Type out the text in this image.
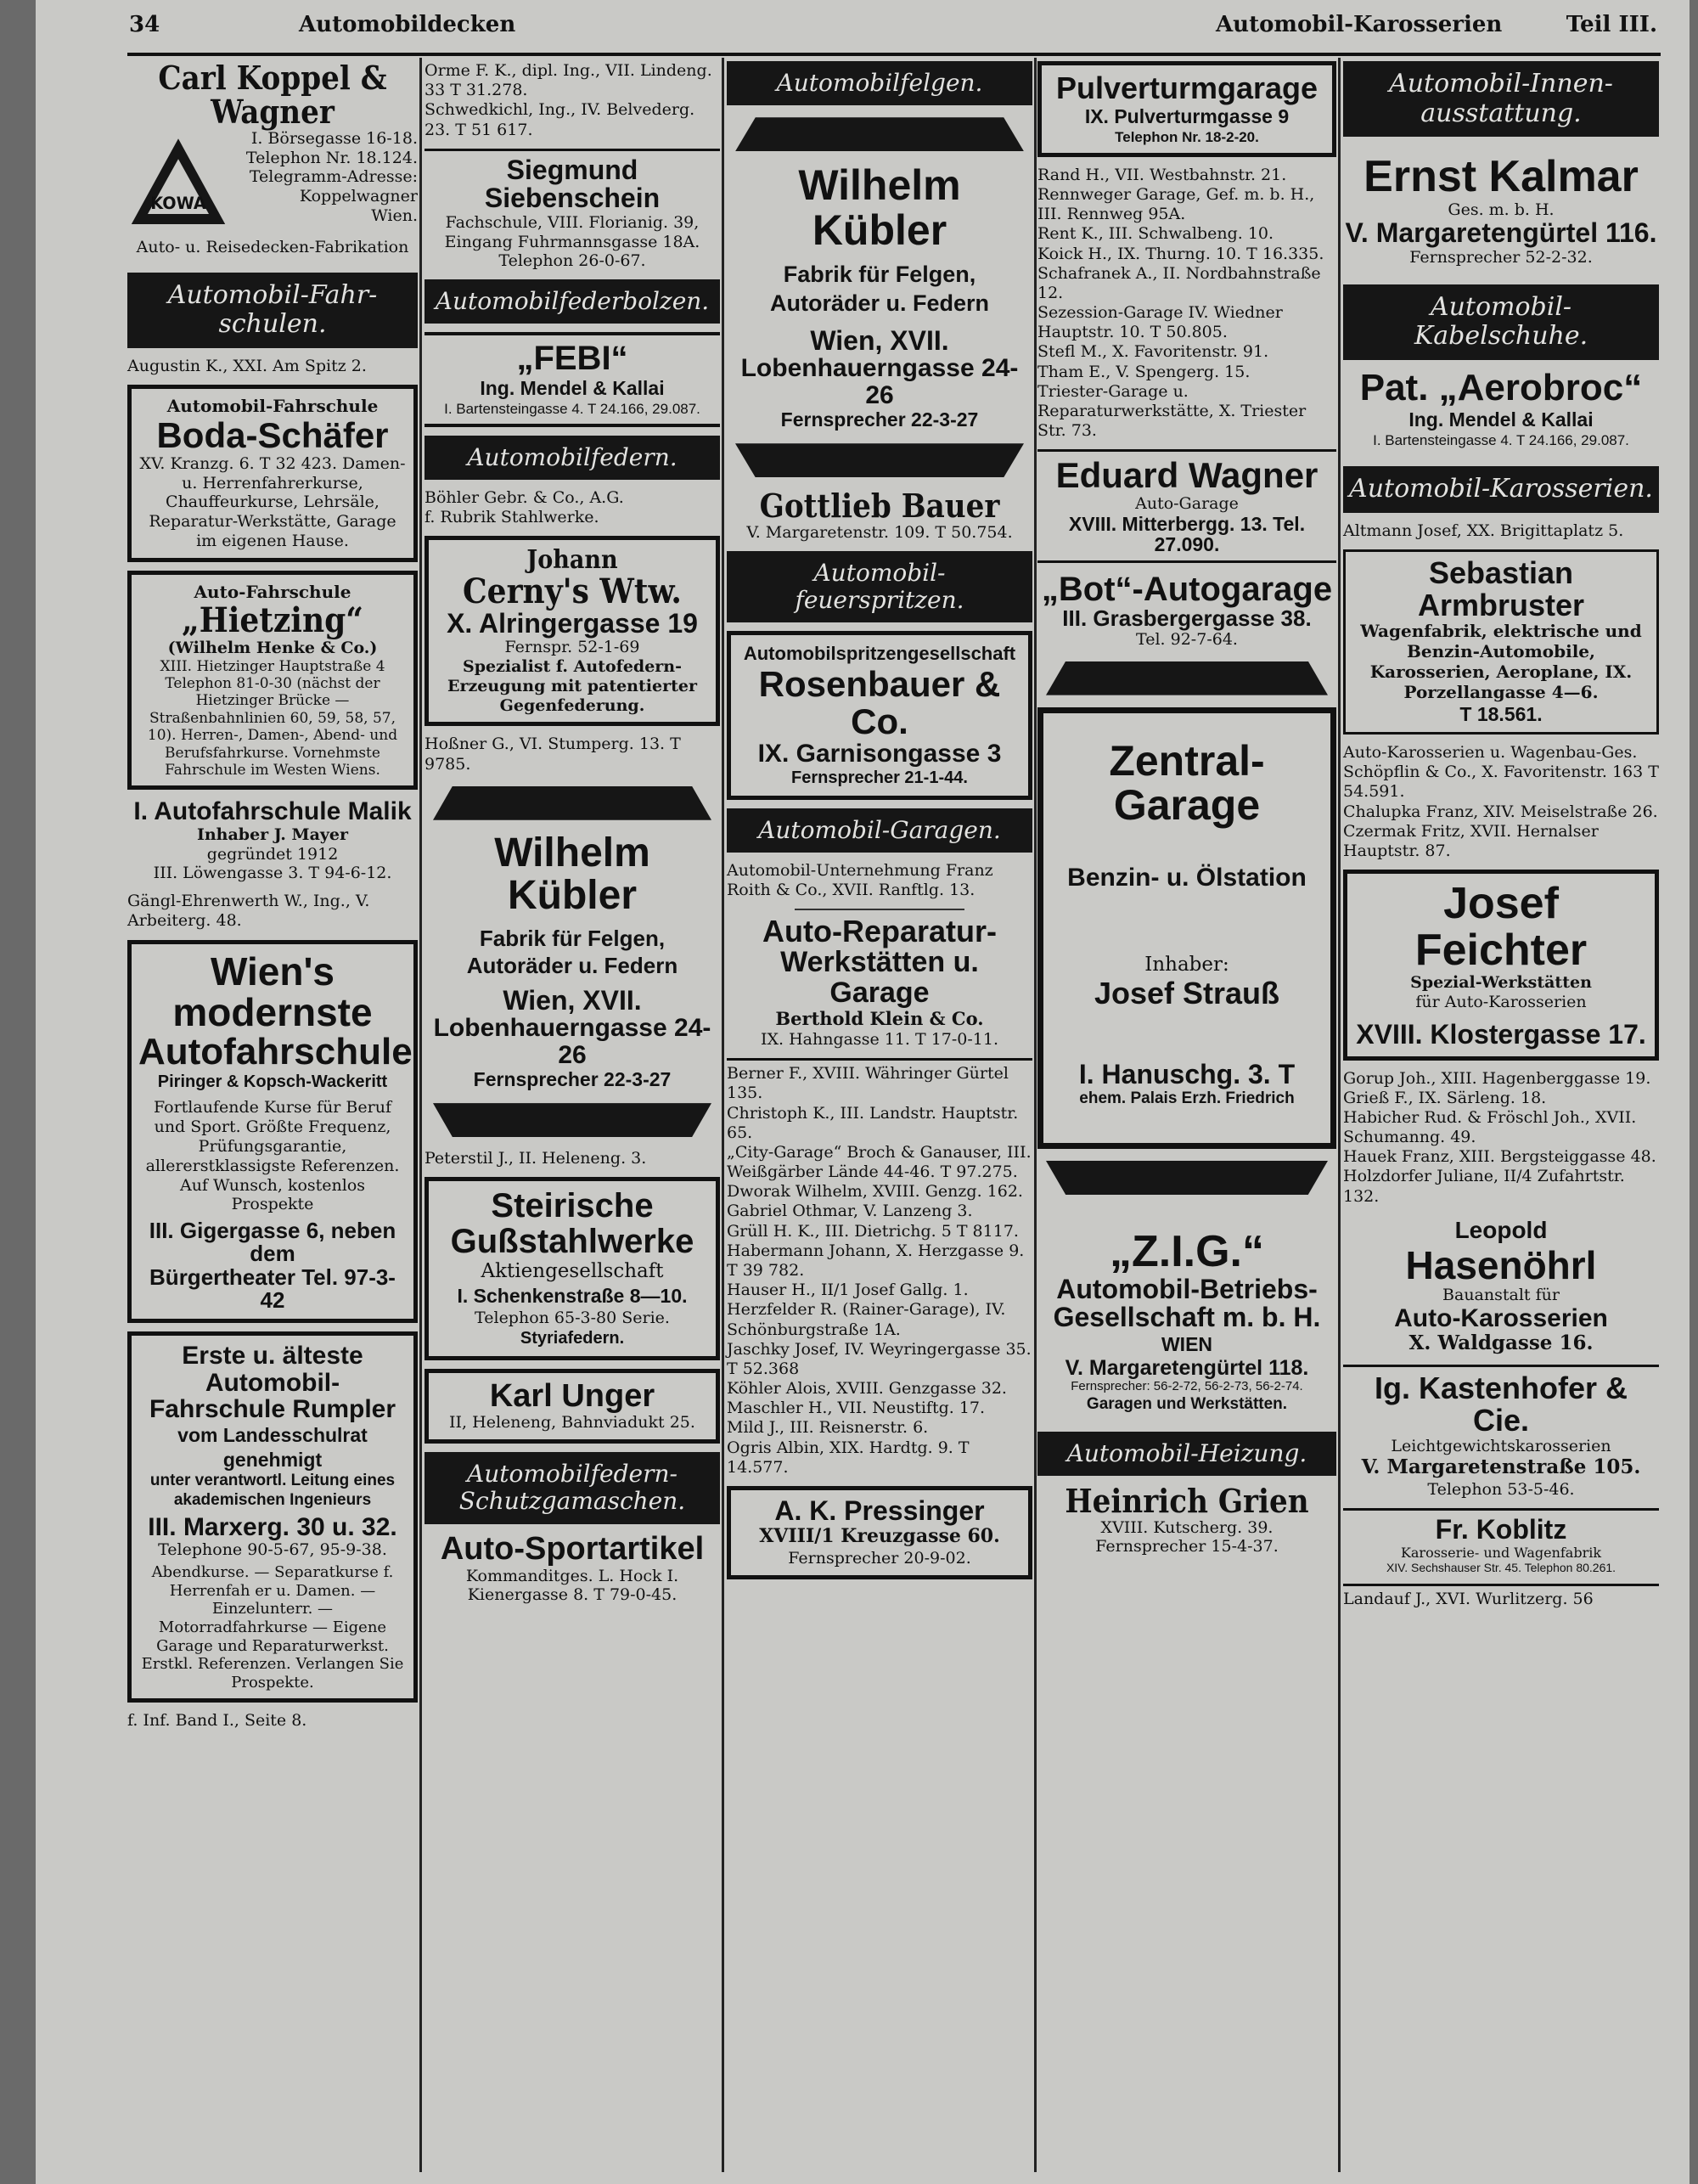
34	Automobildecken	Automobil-Karosserien	Teil III.
Carl Koppel & Wagner
KOWA
I. Börsegasse 16-18.
Telephon Nr. 18.124.
Telegramm-Adresse:
Koppelwagner
Wien.
Auto- u. Reisedecken-Fabrikation
Automobil-Fahr-schulen.

Augustin K., XXI. Am Spitz 2.

Automobil-Fahrschule
Boda-Schäfer
XV. Kranzg. 6. T 32 423. Damen- u. Herrenfahrerkurse, Chauffeurkurse, Lehrsäle, Reparatur-Werkstätte, Garage im eigenen Hause.
Auto-Fahrschule
„Hietzing“
(Wilhelm Henke & Co.)
XIII. Hietzinger Hauptstraße 4 Telephon 81-0-30 (nächst der Hietzinger Brücke — Straßenbahnlinien 60, 59, 58, 57, 10). Herren-, Damen-, Abend- und Berufsfahrkurse. Vornehmste Fahrschule im Westen Wiens.
I. Autofahrschule Malik
Inhaber J. Mayer
gegründet 1912
III. Löwengasse 3. T 94-6-12.

Gängl-Ehrenwerth W., Ing., V. Arbeiterg. 48.

Wien's
modernste
Autofahrschule
Piringer & Kopsch-Wackeritt
Fortlaufende Kurse für Beruf und Sport. Größte Frequenz, Prüfungsgarantie, allererstklassigste Referenzen. Auf Wunsch, kostenlos Prospekte
III. Gigergasse 6, neben dem
Bürgertheater Tel. 97-3-42
Erste u. älteste Automobil-
Fahrschule Rumpler
vom Landesschulrat
genehmigt
unter verantwortl. Leitung eines akademischen Ingenieurs
III. Marxerg. 30 u. 32.
Telephone 90-5-67, 95-9-38.
Abendkurse. — Separatkurse f. Herrenfah er u. Damen. — Einzelunterr. — Motorradfahrkurse — Eigene Garage und Reparaturwerkst. Erstkl. Referenzen. Verlangen Sie Prospekte.

f. Inf. Band I., Seite 8.

Orme F. K., dipl. Ing., VII. Lindeng. 33 T 31.278.

Schwedkichl, Ing., IV. Belvederg. 23. T 51 617.

Siegmund Siebenschein
Fachschule, VIII. Florianig. 39, Eingang Fuhrmannsgasse 18A. Telephon 26-0-67.
Automobilfederbolzen.
„FEBI“
Ing. Mendel & Kallai
I. Bartensteingasse 4. T 24.166, 29.087.
Automobilfedern.

Böhler Gebr. & Co., A.G.

f. Rubrik Stahlwerke.

Johann
Cerny's Wtw.
X. Alringergasse 19
Fernspr. 52-1-69
Spezialist f. Autofedern-Erzeugung mit patentierter Gegenfederung.

Hoßner G., VI. Stumperg. 13. T 9785.

Wilhelm Kübler
Fabrik für Felgen, Autoräder u. Federn
Wien, XVII.
Lobenhauerngasse 24-26
Fernsprecher 22-3-27

Peterstil J., II. Heleneng. 3.

Steirische
Gußstahlwerke
Aktiengesellschaft
I. Schenkenstraße 8—10.
Telephon 65-3-80 Serie.
Styriafedern.
Karl Unger
II, Heleneng, Bahnviadukt 25.
Automobilfedern-Schutzgamaschen.
Auto-Sportartikel
Kommanditges. L. Hock I. Kienergasse 8. T 79-0-45.
Automobilfelgen.
Wilhelm Kübler
Fabrik für Felgen, Autoräder u. Federn
Wien, XVII.
Lobenhauerngasse 24-26
Fernsprecher 22-3-27
Gottlieb Bauer
V. Margaretenstr. 109. T 50.754.
Automobil-feuerspritzen.
Automobilspritzengesellschaft
Rosenbauer & Co.
IX. Garnisongasse 3
Fernsprecher 21-1-44.
Automobil-Garagen.

Automobil-Unternehmung Franz Roith & Co., XVII. Ranftlg. 13.

Auto-Reparatur-
Werkstätten u. Garage
Berthold Klein & Co.
IX. Hahngasse 11. T 17-0-11.

Berner F., XVIII. Währinger Gürtel 135.

Christoph K., III. Landstr. Hauptstr. 65.

„City-Garage“ Broch & Ganauser, III. Weißgärber Lände 44-46. T 97.275.

Dworak Wilhelm, XVIII. Genzg. 162.

Gabriel Othmar, V. Lanzeng 3.

Grüll H. K., III. Dietrichg. 5 T 8117.

Habermann Johann, X. Herzgasse 9. T 39 782.

Hauser H., II/1 Josef Gallg. 1.

Herzfelder R. (Rainer-Garage), IV. Schönburgstraße 1A.

Jaschky Josef, IV. Weyringergasse 35. T 52.368

Köhler Alois, XVIII. Genzgasse 32.

Maschler H., VII. Neustiftg. 17.

Mild J., III. Reisnerstr. 6.

Ogris Albin, XIX. Hardtg. 9. T 14.577.

A. K. Pressinger
XVIII/1 Kreuzgasse 60.
Fernsprecher 20-9-02.
Pulverturmgarage
IX. Pulverturmgasse 9
Telephon Nr. 18-2-20.

Rand H., VII. Westbahnstr. 21.

Rennweger Garage, Gef. m. b. H., III. Rennweg 95A.

Rent K., III. Schwalbeng. 10.

Koick H., IX. Thurng. 10. T 16.335.

Schafranek A., II. Nordbahnstraße 12.

Sezession-Garage IV. Wiedner Hauptstr. 10. T 50.805.

Stefl M., X. Favoritenstr. 91.

Tham E., V. Spengerg. 15.

Triester-Garage u. Reparaturwerkstätte, X. Triester Str. 73.

Eduard Wagner
Auto-Garage
XVIII. Mitterbergg. 13. Tel. 27.090.
„Bot“-Autogarage
III. Grasbergergasse 38.
Tel. 92-7-64.
Zentral-Garage
Benzin- u. Ölstation
Inhaber:
Josef Strauß
I. Hanuschg. 3. T
ehem. Palais Erzh. Friedrich
„Z.I.G.“
Automobil-Betriebs-
Gesellschaft m. b. H.
WIEN
V. Margaretengürtel 118.
Fernsprecher: 56-2-72, 56-2-73, 56-2-74.
Garagen und Werkstätten.
Automobil-Heizung.
Heinrich Grien
XVIII. Kutscherg. 39.
Fernsprecher 15-4-37.
Automobil-Innen-ausstattung.
Ernst Kalmar
Ges. m. b. H.
V. Margaretengürtel 116.
Fernsprecher 52-2-32.
Automobil-Kabelschuhe.
Pat. „Aerobroc“
Ing. Mendel & Kallai
I. Bartensteingasse 4. T 24.166, 29.087.
Automobil-Karosserien.

Altmann Josef, XX. Brigittaplatz 5.

Sebastian Armbruster
Wagenfabrik, elektrische und Benzin-Automobile, Karosserien, Aeroplane, IX. Porzellangasse 4—6.
T 18.561.

Auto-Karosserien u. Wagenbau-Ges. Schöpflin & Co., X. Favoritenstr. 163 T 54.591.

Chalupka Franz, XIV. Meiselstraße 26.

Czermak Fritz, XVII. Hernalser Hauptstr. 87.

Josef Feichter
Spezial-Werkstätten
für Auto-Karosserien
XVIII. Klostergasse 17.

Gorup Joh., XIII. Hagenberggasse 19.

Grieß F., IX. Särleng. 18.

Habicher Rud. & Fröschl Joh., XVII. Schumanng. 49.

Hauek Franz, XIII. Bergsteiggasse 48.

Holzdorfer Juliane, II/4 Zufahrtstr. 132.

Leopold
Hasenöhrl
Bauanstalt für
Auto-Karosserien
X. Waldgasse 16.
Ig. Kastenhofer & Cie.
Leichtgewichtskarosserien
V. Margaretenstraße 105.
Telephon 53-5-46.
Fr. Koblitz
Karosserie- und Wagenfabrik
XIV. Sechshauser Str. 45. Telephon 80.261.

Landauf J., XVI. Wurlitzerg. 56
